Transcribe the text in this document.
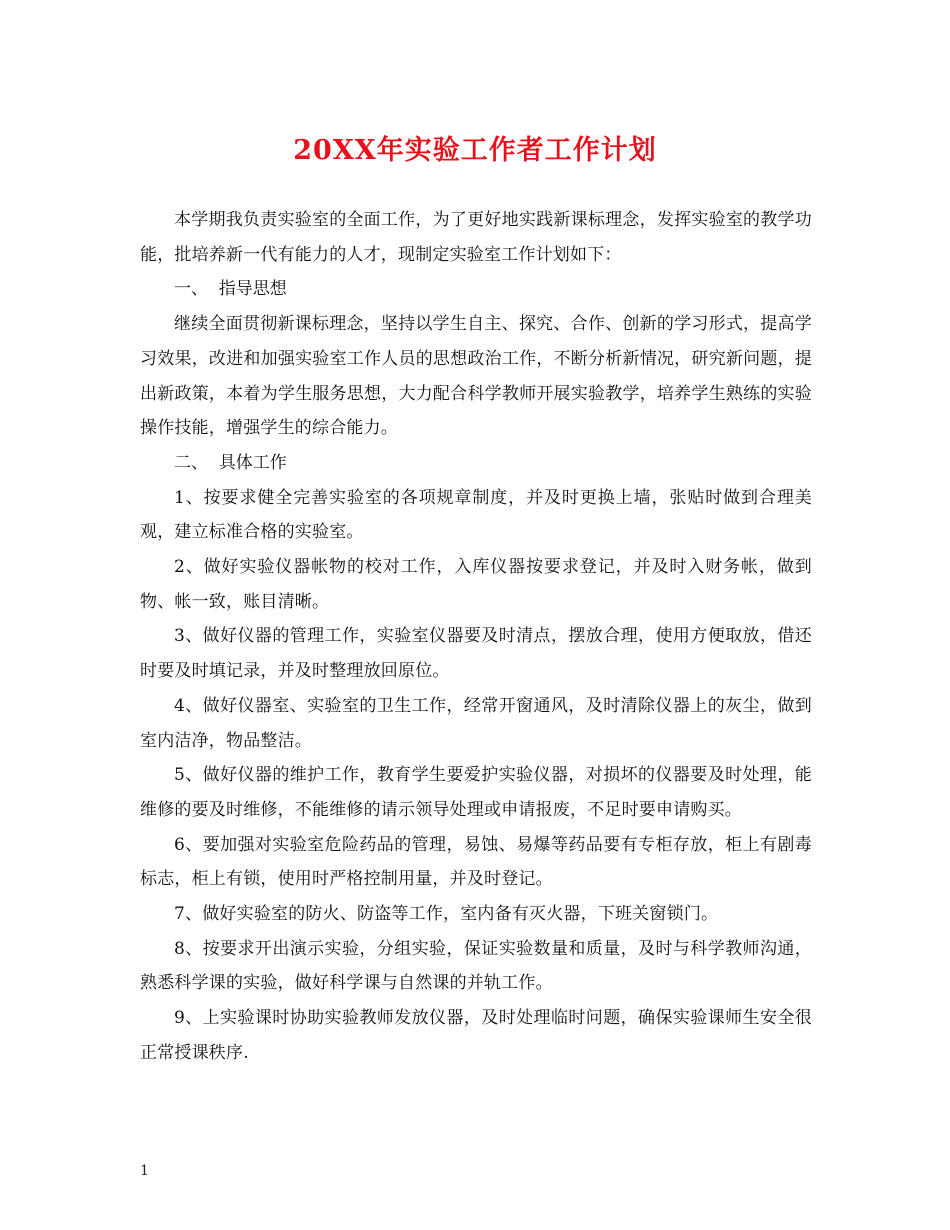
20XX年实验工作者工作计划

本学期我负责实验室的全面工作，为了更好地实践新课标理念，发挥实验室的教学功能，批培养新一代有能力的人才，现制定实验室工作计划如下：

一、  指导思想

继续全面贯彻新课标理念，坚持以学生自主、探究、合作、创新的学习形式，提高学习效果，改进和加强实验室工作人员的思想政治工作，不断分析新情况，研究新问题，提出新政策，本着为学生服务思想，大力配合科学教师开展实验教学，培养学生熟练的实验操作技能，增强学生的综合能力。

二、  具体工作

1、按要求健全完善实验室的各项规章制度，并及时更换上墙，张贴时做到合理美观，建立标准合格的实验室。

2、做好实验仪器帐物的校对工作，入库仪器按要求登记，并及时入财务帐，做到物、帐一致，账目清晰。

3、做好仪器的管理工作，实验室仪器要及时清点，摆放合理，使用方便取放，借还时要及时填记录，并及时整理放回原位。

4、做好仪器室、实验室的卫生工作，经常开窗通风，及时清除仪器上的灰尘，做到室内洁净，物品整洁。

5、做好仪器的维护工作，教育学生要爱护实验仪器，对损坏的仪器要及时处理，能维修的要及时维修，不能维修的请示领导处理或申请报废，不足时要申请购买。

6、要加强对实验室危险药品的管理，易蚀、易爆等药品要有专柜存放，柜上有剧毒标志，柜上有锁，使用时严格控制用量，并及时登记。

7、做好实验室的防火、防盗等工作，室内备有灭火器，下班关窗锁门。

8、按要求开出演示实验，分组实验，保证实验数量和质量，及时与科学教师沟通，熟悉科学课的实验，做好科学课与自然课的并轨工作。

9、上实验课时协助实验教师发放仪器，及时处理临时问题，确保实验课师生安全很正常授课秩序.

1
